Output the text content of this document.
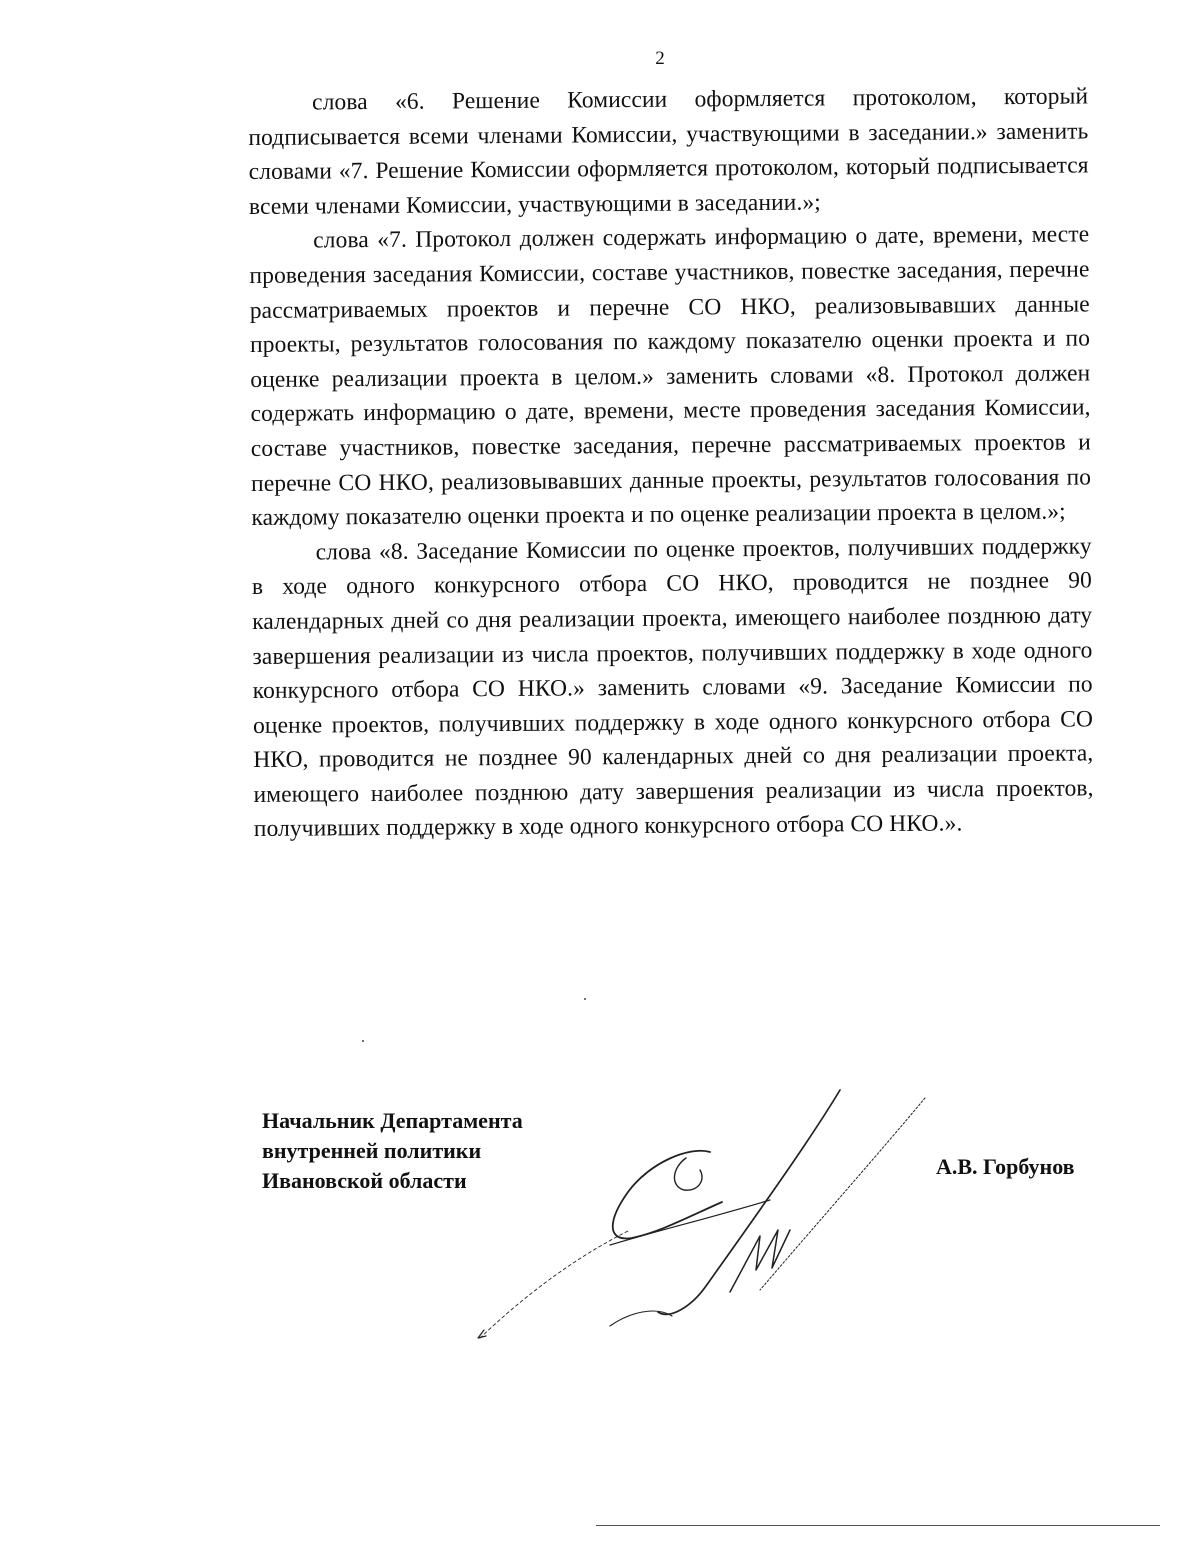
2

слова «6. Решение Комиссии оформляется протоколом, который подписывается всеми членами Комиссии, участвующими в заседании.» заменить словами «7. Решение Комиссии оформляется протоколом, который подписывается всеми членами Комиссии, участвующими в заседании.»;

слова «7. Протокол должен содержать информацию о дате, времени, месте проведения заседания Комиссии, составе участников, повестке заседания, перечне рассматриваемых проектов и перечне СО НКО, реализовывавших данные проекты, результатов голосования по каждому показателю оценки проекта и по оценке реализации проекта в целом.» заменить словами «8. Протокол должен содержать информацию о дате, времени, месте проведения заседания Комиссии, составе участников, повестке заседания, перечне рассматриваемых проектов и перечне СО НКО, реализовывавших данные проекты, результатов голосования по каждому показателю оценки проекта и по оценке реализации проекта в целом.»;

слова «8. Заседание Комиссии по оценке проектов, получивших поддержку в ходе одного конкурсного отбора СО НКО, проводится не позднее 90 календарных дней со дня реализации проекта, имеющего наиболее позднюю дату завершения реализации из числа проектов, получивших поддержку в ходе одного конкурсного отбора СО НКО.» заменить словами «9. Заседание Комиссии по оценке проектов, получивших поддержку в ходе одного конкурсного отбора СО НКО, проводится не позднее 90 календарных дней со дня реализации проекта, имеющего наиболее позднюю дату завершения реализации из числа проектов, получивших поддержку в ходе одного конкурсного отбора СО НКО.».

Начальник Департамента
внутренней политики
Ивановской области
А.В. Горбунов
